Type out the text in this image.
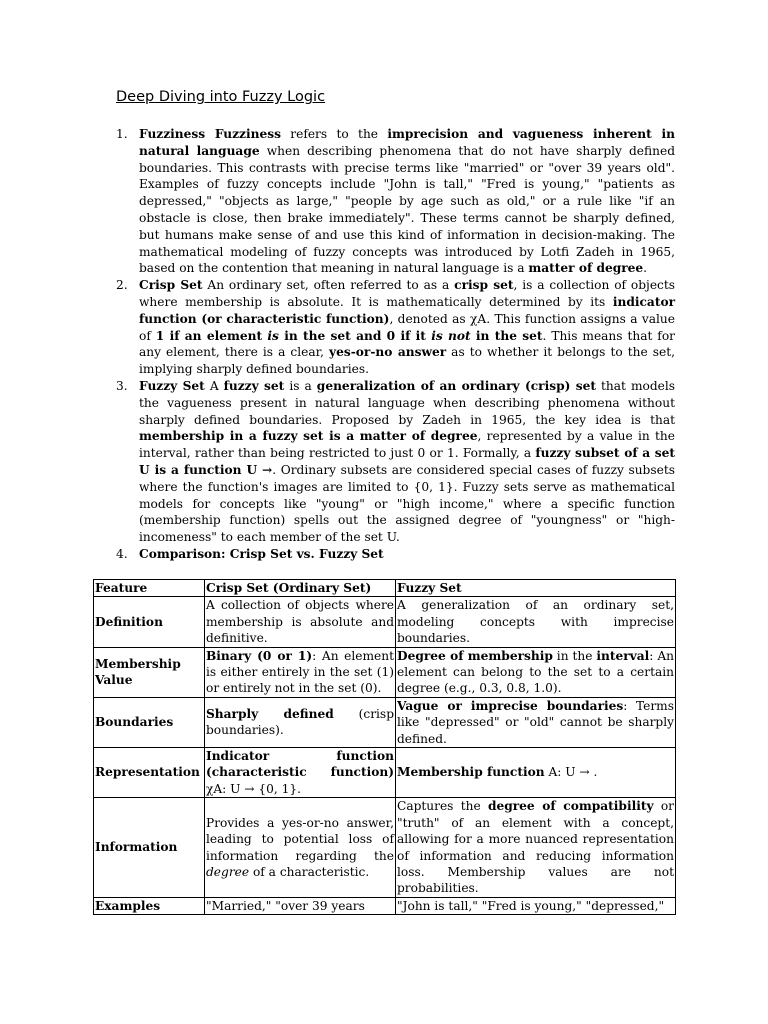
Deep Diving into Fuzzy Logic
1. Fuzziness Fuzziness refers to the imprecision and vagueness inherent in natural language when describing phenomena that do not have sharply defined boundaries. This contrasts with precise terms like "married" or "over 39 years old". Examples of fuzzy concepts include "John is tall," "Fred is young," "patients as depressed," "objects as large," "people by age such as old," or a rule like "if an obstacle is close, then brake immediately". These terms cannot be sharply defined, but humans make sense of and use this kind of information in decision-making. The mathematical modeling of fuzzy concepts was introduced by Lotfi Zadeh in 1965, based on the contention that meaning in natural language is a matter of degree.
2. Crisp Set An ordinary set, often referred to as a crisp set, is a collection of objects where membership is absolute. It is mathematically determined by its indicator function (or characteristic function), denoted as χA. This function assigns a value of 1 if an element is in the set and 0 if it is not in the set. This means that for any element, there is a clear, yes-or-no answer as to whether it belongs to the set, implying sharply defined boundaries.
3. Fuzzy Set A fuzzy set is a generalization of an ordinary (crisp) set that models the vagueness present in natural language when describing phenomena without sharply defined boundaries. Proposed by Zadeh in 1965, the key idea is that membership in a fuzzy set is a matter of degree, represented by a value in the interval, rather than being restricted to just 0 or 1. Formally, a fuzzy subset of a set U is a function U →. Ordinary subsets are considered special cases of fuzzy subsets where the function's images are limited to {0, 1}. Fuzzy sets serve as mathematical models for concepts like "young" or "high income," where a specific function (membership function) spells out the assigned degree of "youngness" or "high-incomeness" to each member of the set U.
4. Comparison: Crisp Set vs. Fuzzy Set
Feature	Crisp Set (Ordinary Set)	Fuzzy Set
Definition	A collection of objects where membership is absolute and definitive.	A generalization of an ordinary set, modeling concepts with imprecise boundaries.
Membership Value	Binary (0 or 1): An element is either entirely in the set (1) or entirely not in the set (0).	Degree of membership in the interval: An element can belong to the set to a certain degree (e.g., 0.3, 0.8, 1.0).
Boundaries	Sharply defined (crisp boundaries).	Vague or imprecise boundaries: Terms like "depressed" or "old" cannot be sharply defined.
Representation	Indicator function (characteristic function) χA: U → {0, 1}.	Membership function A: U → .
Information	Provides a yes-or-no answer, leading to potential loss of information regarding the degree of a characteristic.	Captures the degree of compatibility or "truth" of an element with a concept, allowing for a more nuanced representation of information and reducing information loss. Membership values are not probabilities.
Examples	"Married," "over 39 years	"John is tall," "Fred is young," "depressed,"
